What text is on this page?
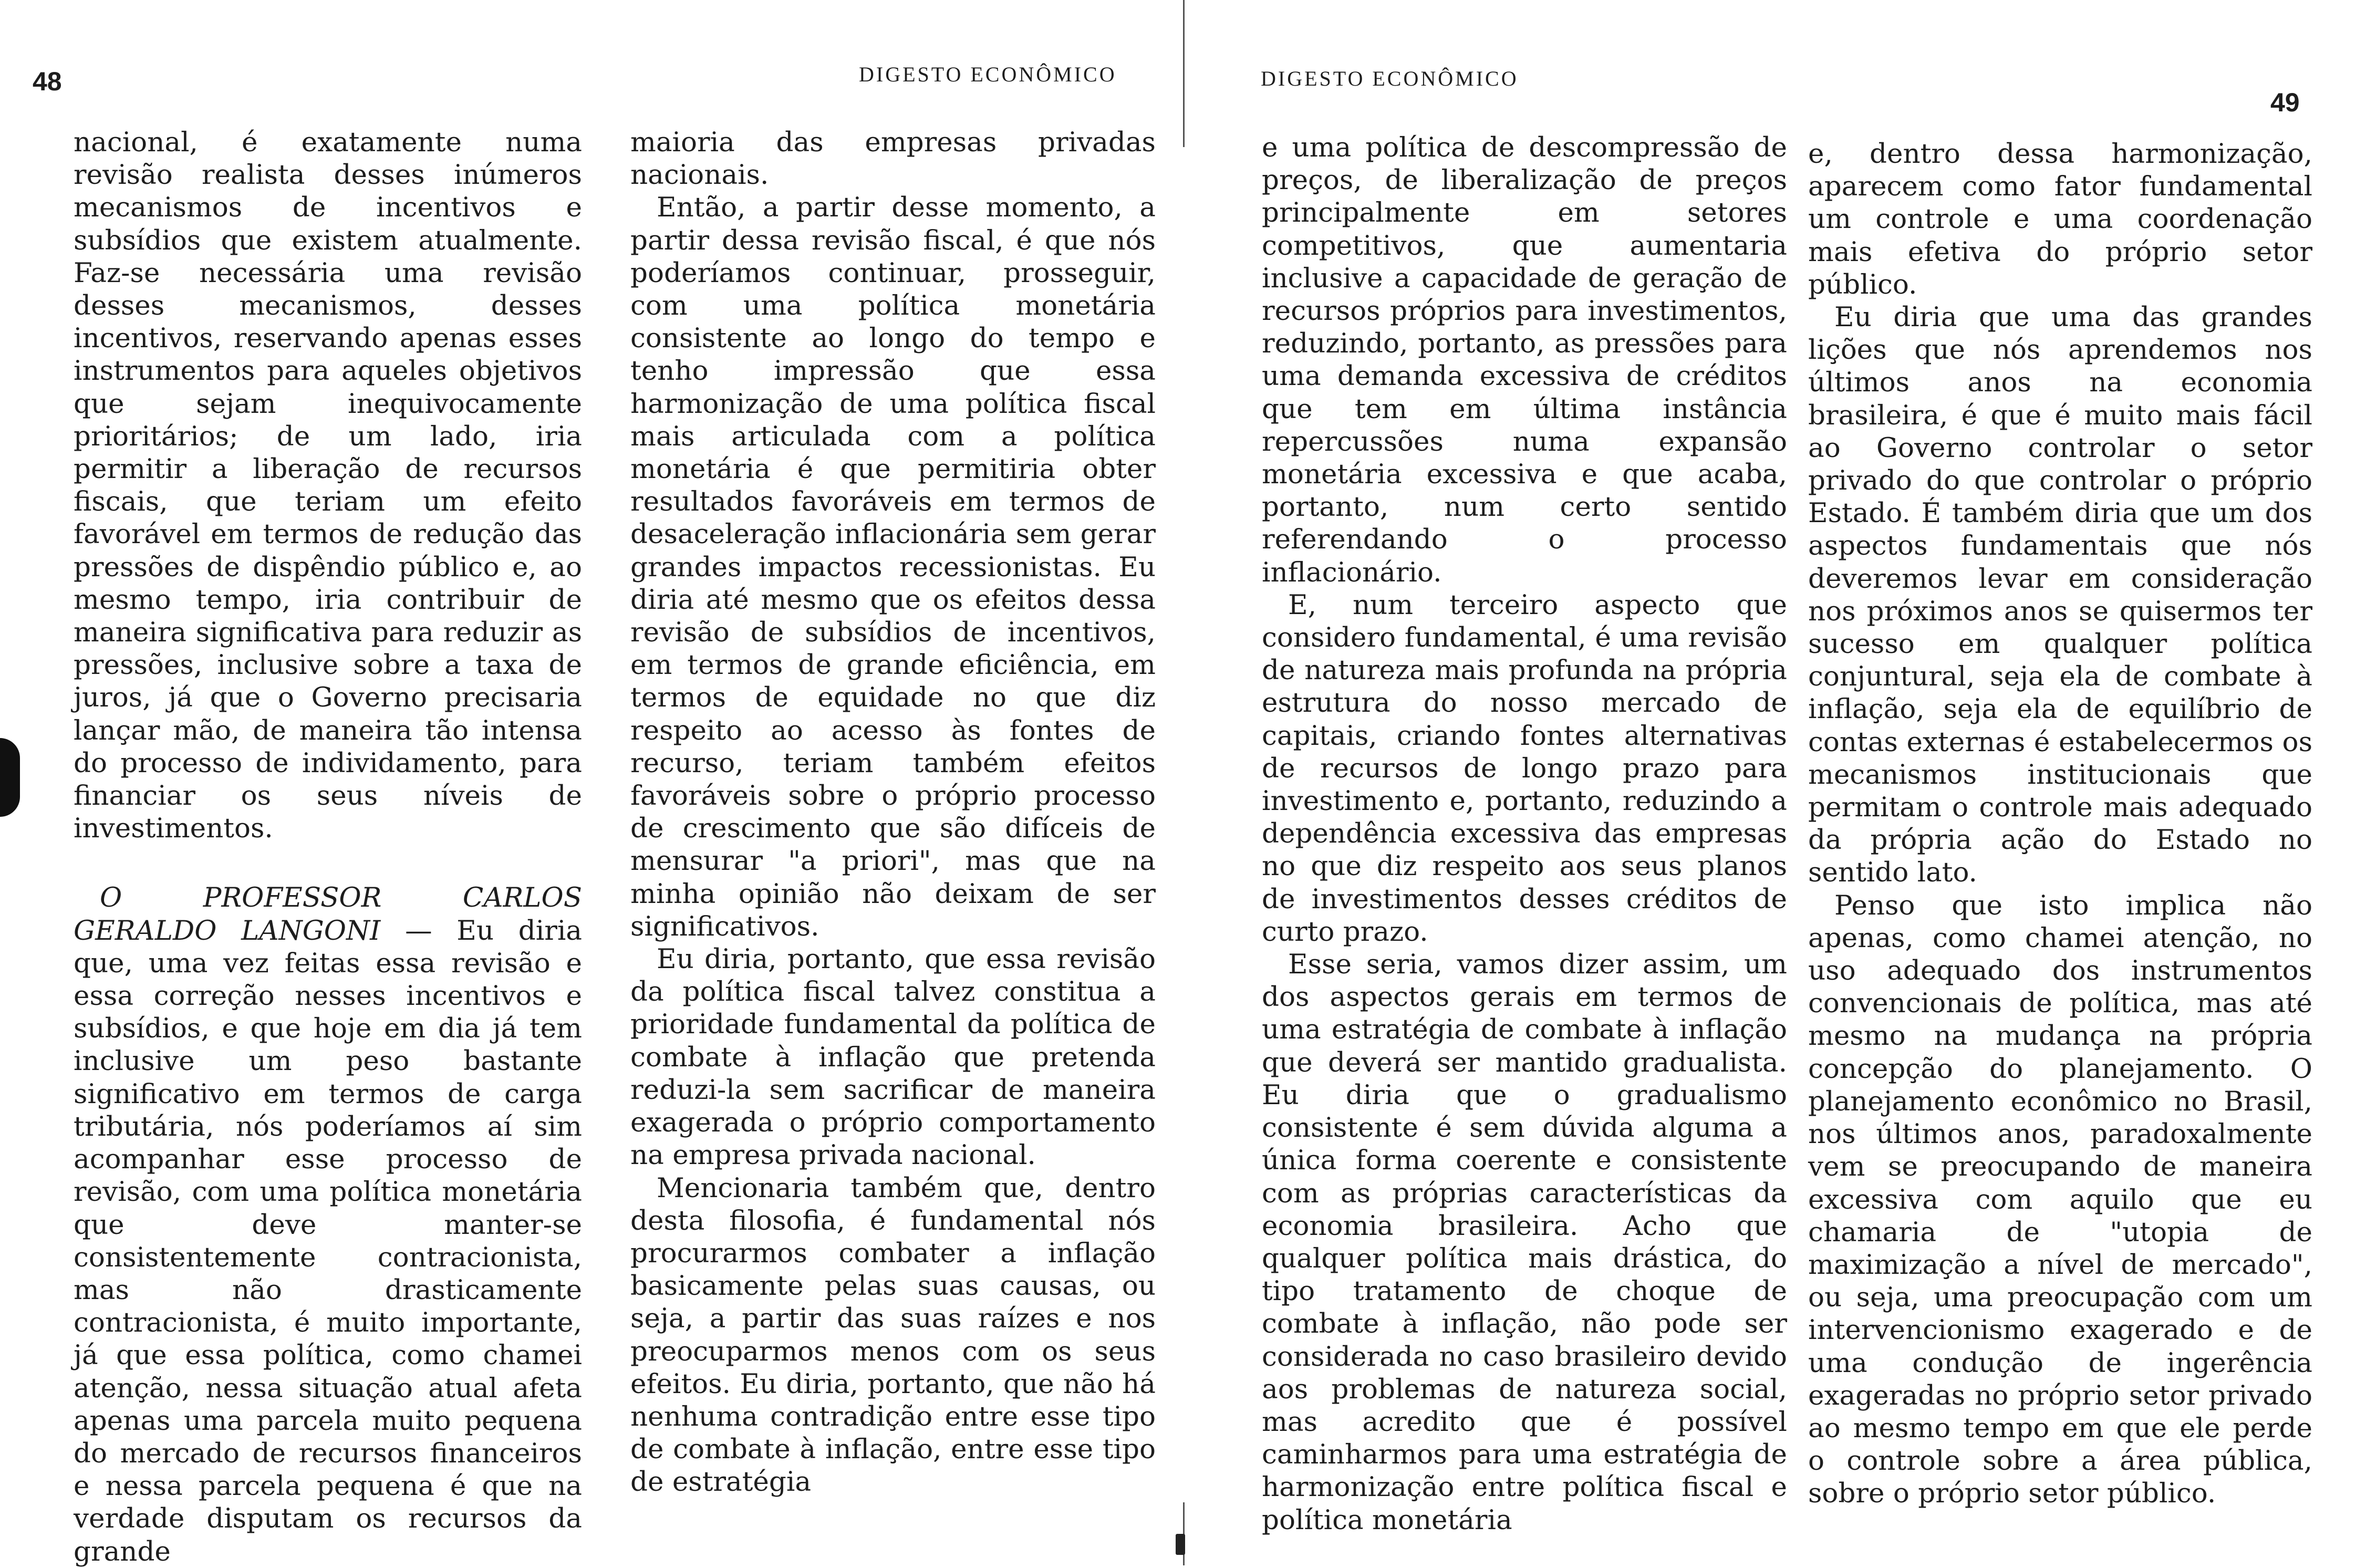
48	DIGESTO ECONÔMICO

nacional, é exatamente numa revisão realista desses inúmeros mecanismos de incentivos e subsídios que existem atualmente. Faz-se necessária uma revisão desses mecanismos, desses incentivos, reservando apenas esses instrumentos para aqueles objetivos que sejam inequivocamente prioritários; de um lado, iria permitir a liberação de recursos fiscais, que teriam um efeito favorável em termos de redução das pressões de dispêndio público e, ao mesmo tempo, iria contribuir de maneira significativa para reduzir as pressões, inclusive sobre a taxa de juros, já que o Governo precisaria lançar mão, de maneira tão intensa do processo de individamento, para financiar os seus níveis de investimentos.

O PROFESSOR CARLOS GERALDO LANGONI — Eu diria que, uma vez feitas essa revisão e essa correção nesses incentivos e subsídios, e que hoje em dia já tem inclusive um peso bastante significativo em termos de carga tributária, nós poderíamos aí sim acompanhar esse processo de revisão, com uma política monetária que deve manter-se consistentemente contracionista, mas não drasticamente contracionista, é muito importante, já que essa política, como chamei atenção, nessa situação atual afeta apenas uma parcela muito pequena do mercado de recursos financeiros e nessa parcela pequena é que na verdade disputam os recursos da grande

maioria das empresas privadas nacionais.

Então, a partir desse momento, a partir dessa revisão fiscal, é que nós poderíamos continuar, prosseguir, com uma política monetária consistente ao longo do tempo e tenho impressão que essa harmonização de uma política fiscal mais articulada com a política monetária é que permitiria obter resultados favoráveis em termos de desaceleração inflacionária sem gerar grandes impactos recessionistas. Eu diria até mesmo que os efeitos dessa revisão de subsídios de incentivos, em termos de grande eficiência, em termos de equidade no que diz respeito ao acesso às fontes de recurso, teriam também efeitos favoráveis sobre o próprio processo de crescimento que são difíceis de mensurar "a priori", mas que na minha opinião não deixam de ser significativos.

Eu diria, portanto, que essa revisão da política fiscal talvez constitua a prioridade fundamental da política de combate à inflação que pretenda reduzi-la sem sacrificar de maneira exagerada o próprio comportamento na empresa privada nacional.

Mencionaria também que, dentro desta filosofia, é fundamental nós procurarmos combater a inflação basicamente pelas suas causas, ou seja, a partir das suas raízes e nos preocuparmos menos com os seus efeitos. Eu diria, portanto, que não há nenhuma contradição entre esse tipo de combate à inflação, entre esse tipo de estratégia

DIGESTO ECONÔMICO
49

e uma política de descompressão de preços, de liberalização de preços principalmente em setores competitivos, que aumentaria inclusive a capacidade de geração de recursos próprios para investimentos, reduzindo, portanto, as pressões para uma demanda excessiva de créditos que tem em última instância repercussões numa expansão monetária excessiva e que acaba, portanto, num certo sentido referendando o processo inflacionário.

E, num terceiro aspecto que considero fundamental, é uma revisão de natureza mais profunda na própria estrutura do nosso mercado de capitais, criando fontes alternativas de recursos de longo prazo para investimento e, portanto, reduzindo a dependência excessiva das empresas no que diz respeito aos seus planos de investimentos desses créditos de curto prazo.

Esse seria, vamos dizer assim, um dos aspectos gerais em termos de uma estratégia de combate à inflação que deverá ser mantido gradualista. Eu diria que o gradualismo consistente é sem dúvida alguma a única forma coerente e consistente com as próprias características da economia brasileira. Acho que qualquer política mais drástica, do tipo tratamento de choque de combate à inflação, não pode ser considerada no caso brasileiro devido aos problemas de natureza social, mas acredito que é possível caminharmos para uma estratégia de harmonização entre política fiscal e política monetária

e, dentro dessa harmonização, aparecem como fator fundamental um controle e uma coordenação mais efetiva do próprio setor público.

Eu diria que uma das grandes lições que nós aprendemos nos últimos anos na economia brasileira, é que é muito mais fácil ao Governo controlar o setor privado do que controlar o próprio Estado. É também diria que um dos aspectos fundamentais que nós deveremos levar em consideração nos próximos anos se quisermos ter sucesso em qualquer política conjuntural, seja ela de combate à inflação, seja ela de equilíbrio de contas externas é estabelecermos os mecanismos institucionais que permitam o controle mais adequado da própria ação do Estado no sentido lato.

Penso que isto implica não apenas, como chamei atenção, no uso adequado dos instrumentos convencionais de política, mas até mesmo na mudança na própria concepção do planejamento. O planejamento econômico no Brasil, nos últimos anos, paradoxalmente vem se preocupando de maneira excessiva com aquilo que eu chamaria de "utopia de maximização a nível de mercado", ou seja, uma preocupação com um intervencionismo exagerado e de uma condução de ingerência exageradas no próprio setor privado ao mesmo tempo em que ele perde o controle sobre a área pública, sobre o próprio setor público.
